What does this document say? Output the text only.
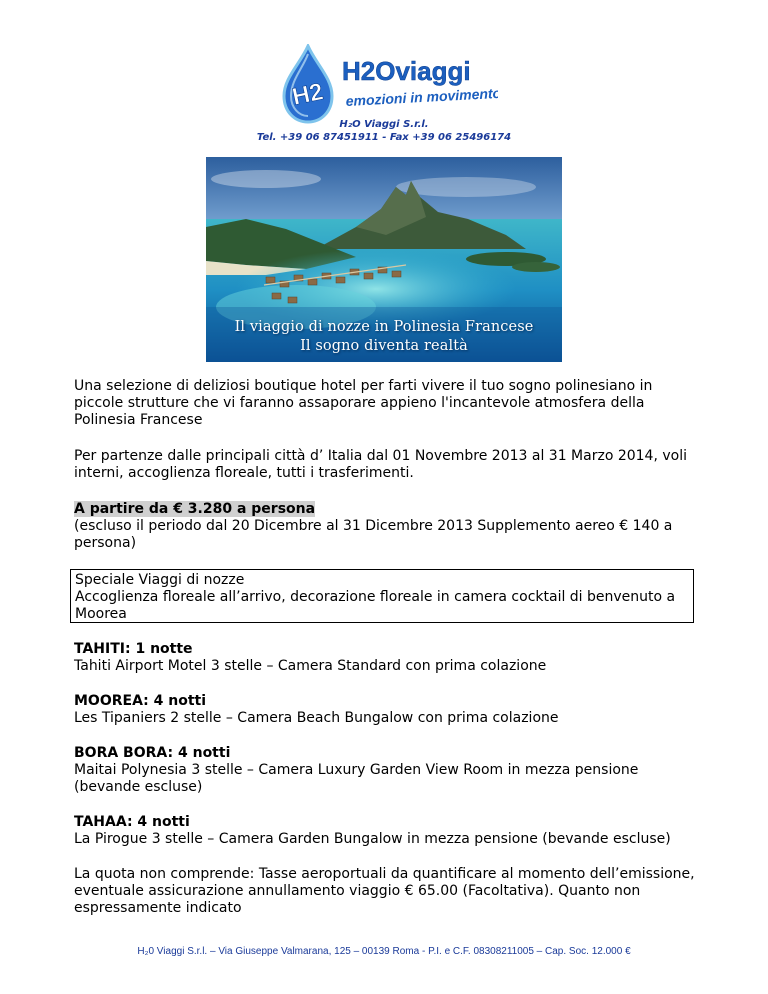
H2
H2Oviaggi
emozioni in movimento
H₂O Viaggi S.r.l.
Tel. +39 06 87451911 - Fax +39 06 25496174
Il viaggio di nozze in Polinesia Francese
Il sogno diventa realtà
Una selezione di deliziosi boutique hotel per farti vivere il tuo sogno polinesiano in piccole strutture che vi faranno assaporare appieno l'incantevole atmosfera della Polinesia Francese
Per partenze dalle principali città d’ Italia dal 01 Novembre 2013 al 31 Marzo 2014, voli interni, accoglienza floreale, tutti i trasferimenti.
A partire da € 3.280 a persona
(escluso il periodo dal 20 Dicembre al 31 Dicembre 2013 Supplemento aereo € 140 a persona)
Speciale Viaggi di nozze
Accoglienza floreale all’arrivo, decorazione floreale in camera cocktail di benvenuto a Moorea
TAHITI: 1 notte
Tahiti Airport Motel 3 stelle – Camera Standard con prima colazione
MOOREA: 4 notti
Les Tipaniers 2 stelle – Camera Beach Bungalow con prima colazione
BORA BORA: 4 notti
Maitai Polynesia 3 stelle – Camera Luxury Garden View Room in mezza pensione (bevande escluse)
TAHAA: 4 notti
La Pirogue 3 stelle – Camera Garden Bungalow in mezza pensione (bevande escluse)
La quota non comprende: Tasse aeroportuali da quantificare al momento dell’emissione, eventuale assicurazione annullamento viaggio € 65.00 (Facoltativa). Quanto non espressamente indicato
H₂0 Viaggi S.r.l. – Via Giuseppe Valmarana, 125 – 00139 Roma - P.I. e C.F. 08308211005 – Cap. Soc. 12.000 €
